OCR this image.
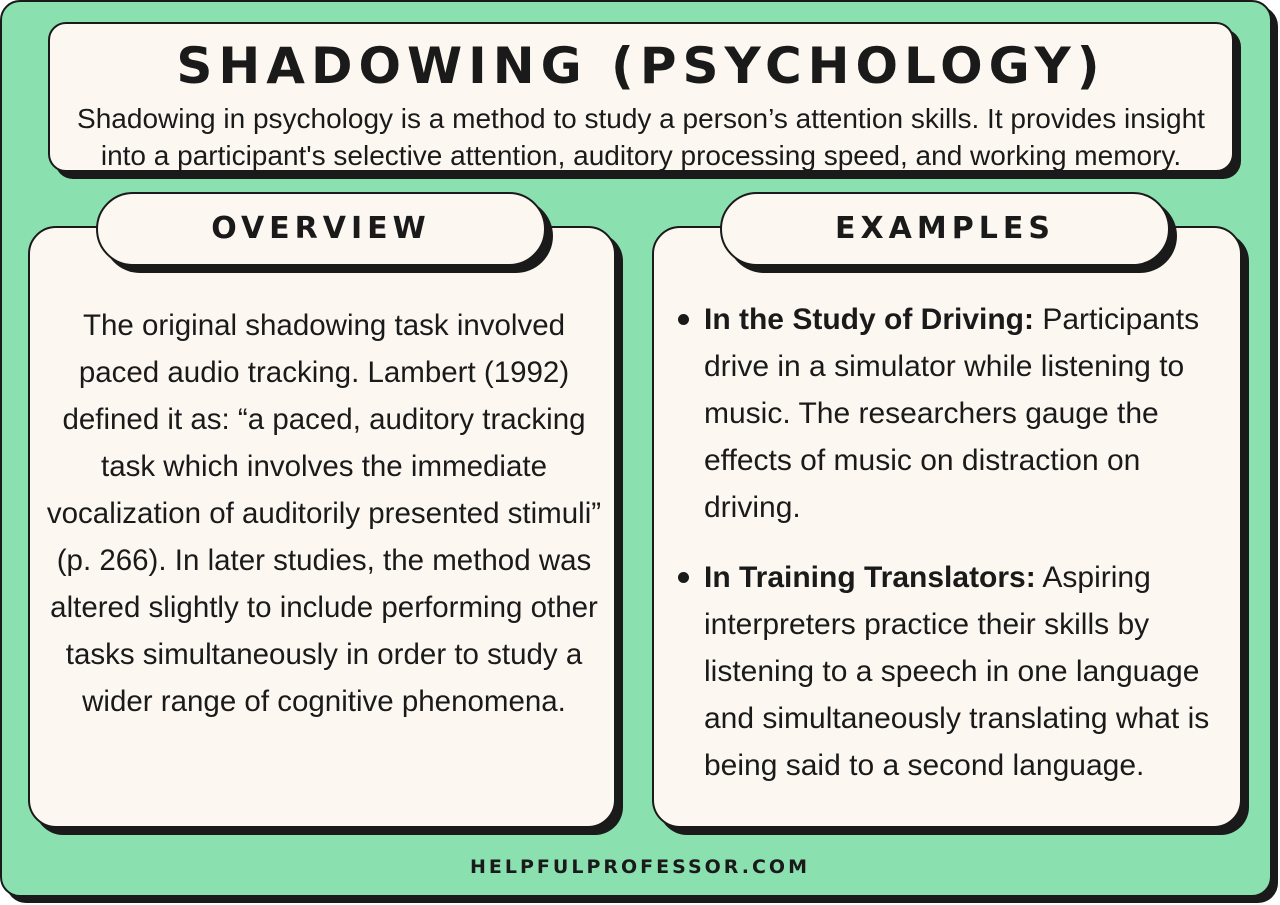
SHADOWING (PSYCHOLOGY)
Shadowing in psychology is a method to study a person’s attention skills. It provides insight into a participant's selective attention, auditory processing speed, and working memory.
OVERVIEW
The original shadowing task involved paced audio tracking. Lambert (1992) defined it as: “a paced, auditory tracking task which involves the immediate vocalization of auditorily presented stimuli” (p. 266). In later studies, the method was altered slightly to include performing other tasks simultaneously in order to study a wider range of cognitive phenomena.
EXAMPLES
In the Study of Driving: Participants drive in a simulator while listening to music. The researchers gauge the effects of music on distraction on driving.
In Training Translators: Aspiring interpreters practice their skills by listening to a speech in one language and simultaneously translating what is being said to a second language.
HELPFULPROFESSOR.COM
